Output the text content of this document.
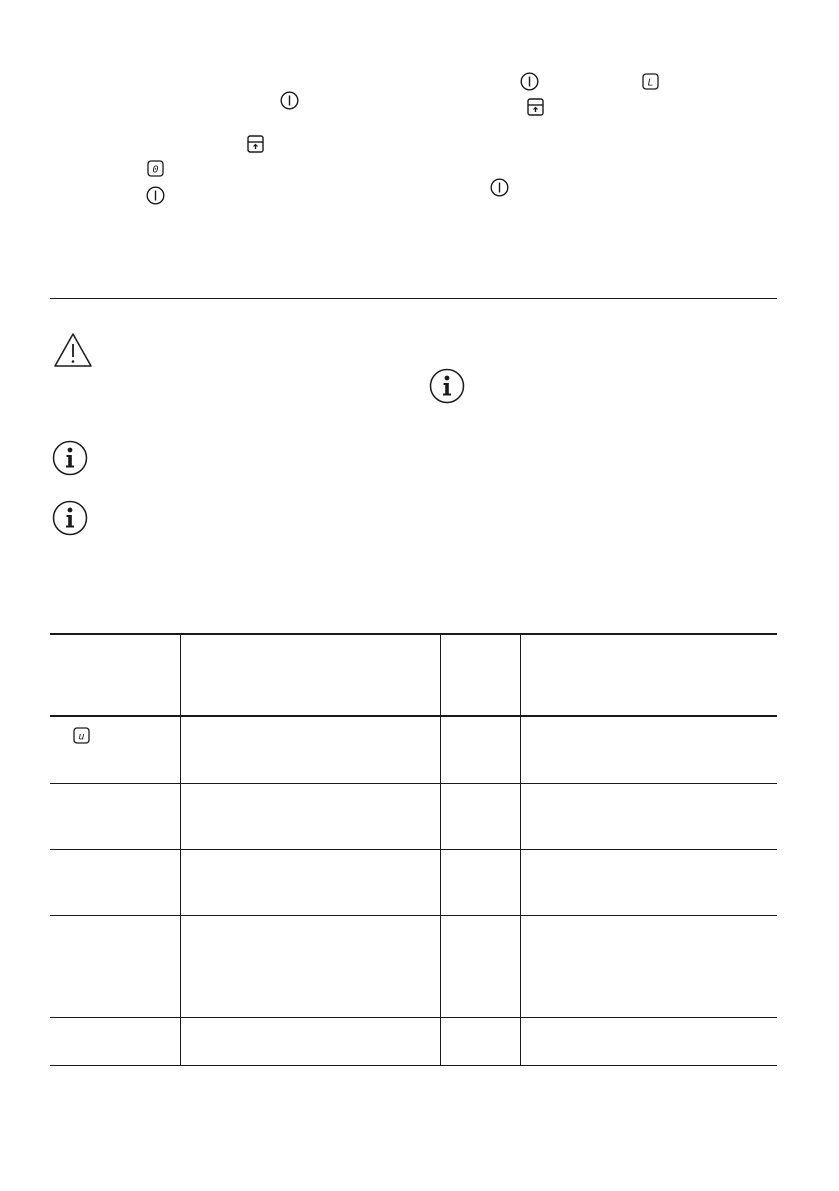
0
L
u
